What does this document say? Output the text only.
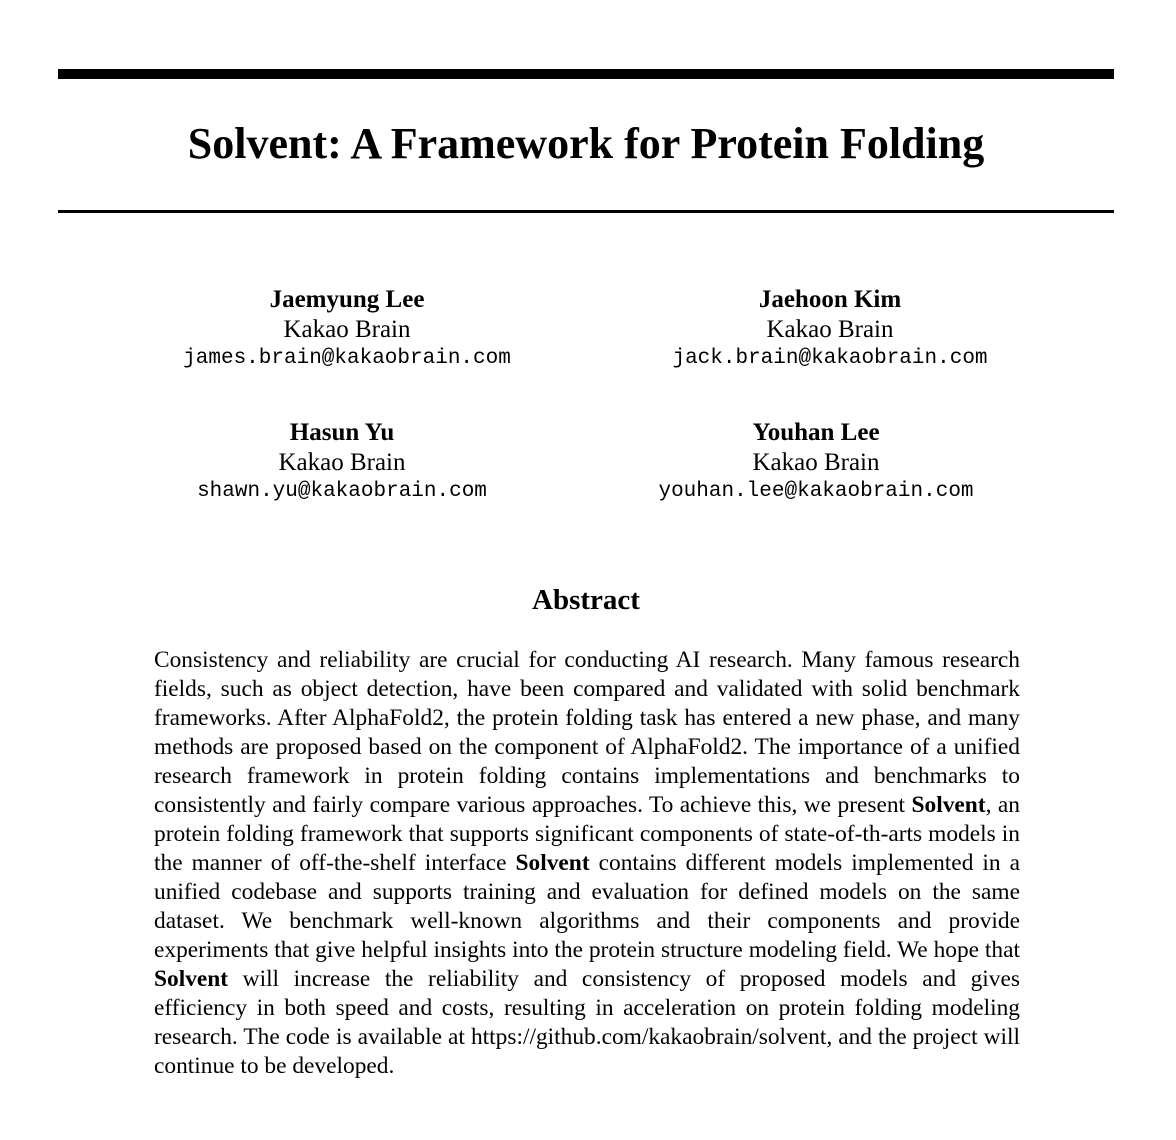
Solvent: A Framework for Protein Folding
Jaemyung Lee
Kakao Brain
james.brain@kakaobrain.com
Jaehoon Kim
Kakao Brain
jack.brain@kakaobrain.com
Hasun Yu
Kakao Brain
shawn.yu@kakaobrain.com
Youhan Lee
Kakao Brain
youhan.lee@kakaobrain.com
Abstract

Consistency and reliability are crucial for conducting AI research. Many famous research fields, such as object detection, have been compared and validated with solid benchmark frameworks. After AlphaFold2, the protein folding task has entered a new phase, and many methods are proposed based on the component of AlphaFold2. The importance of a unified research framework in protein folding contains implementations and benchmarks to consistently and fairly compare various approaches. To achieve this, we present Solvent, an protein folding framework that supports significant components of state-of-th-arts models in the manner of off-the-shelf interface Solvent contains different models implemented in a unified codebase and supports training and evaluation for defined models on the same dataset. We benchmark well-known algorithms and their components and provide experiments that give helpful insights into the protein structure modeling field. We hope that Solvent will increase the reliability and consistency of proposed models and gives efficiency in both speed and costs, resulting in acceleration on protein folding modeling research. The code is available at https://github.com/kakaobrain/solvent, and the project will continue to be developed.
